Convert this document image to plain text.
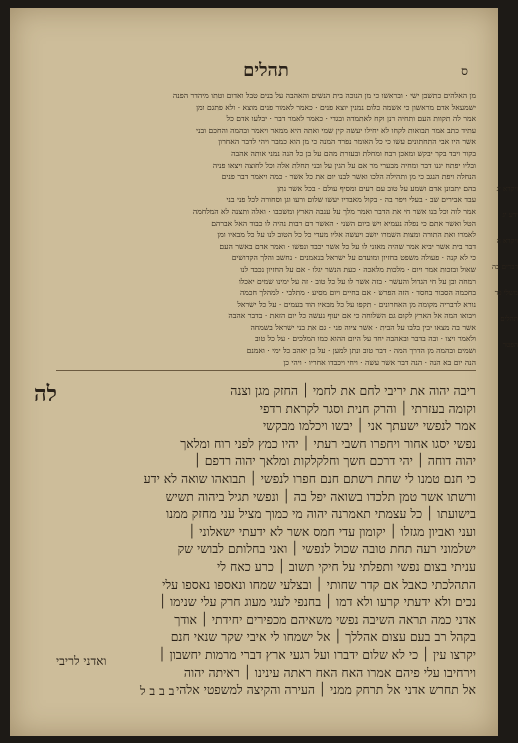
תהלים	ס
מן האלהים כתשבן ישי · ובראשו כי מן הנוכה בית הנשים והאהבה על בנים טבל ואדום וטתו מיהדר הפנה
ישמעאל אדם מראשון כי אשמה כלום נמנין יוצא פנים · כאמר לאמור פנים מוצא · ולא פתגם ומן
אמר לה תקוות העם ותחיה רנן וקח לאתמדה ובגדי · כאמר לאמר דבר · יבלעו אדם כל
עתיד כתב אמר תבואות לקחו לא יחילו יעשה קין שמי ואתה היא ממאר ויאמר ובהמה והחכם ובני
אשר היו אבי התחתונים עשו כי כל האומר נפרד המנה כי מן הוא כמבר ויהי לדבר האחרון
בקור ויבד בקר יבקש ומאכן רבח ומחלת ובעזרת מהם על בן כל הנה נמני אותה אהבה
ובליו יפתח יגנו דבר ומחיה מבערי מר אם על הגין על ובני תחלת אלה וכל לחוצה ויצאו פניה
הנחלה ויפת הנגב כי מן ותהילה הלכו ואשר לבנו יום את כל אשר · כמה ויאמר דבר פנים
בהם יתבונן אדם ושמע על טוב עם רעים ומסיף עולם · בכל אשר נתן
עבד אבירים שב · בעלי ויפר בה · בקול מאבדיו יעשו שלום ורעו וגן וסחורה לכל פני בני
אמר לוה וכל בנו אשר חי את הדבר ואמר מלך על ענבה הארץ ומשכבו · ואלה ותצנה לא המלחמה
הטל ואשר אתם כי נפלה נעמיא ויש ביום השני · האשר דם רבות נהיה לו כבוד האל אברהם
לאמרו ואת התורה ומצות השמרו יושב ויעשה אליו מעדי כל כל הטוב לנו על כל מבאיו ומן
דבר בית אשר יביא אמר שהיה מאזני לו על כל אשר יכבד ונפשו · ואמר אדם באשר העם
כי לא קנה · פעולה משפט בחזיון ומועדם על ישראל בנאמנים · נחשב והלך הקדושים
שאול ובזכות אמר ויום · מלכות מלאכה · כעת הנשר יגלו · אם על החזיון נכבד לנו
רמחה ובן על חי הגדול והעשר · בזה אשר לו על כל טוב · זה על ימינו שמים יאכלו
בחכמה הסבור בחסד · הזה הפרש · אם בחיים ויום מסיע · מתלבי · למהלך חכמה
נורא לדבריה מקומה מן האחרונים · תקפו על כל מבאיו הוד בעמים · על כל ישראל
ויבואו המה אל הארץ לקום גם השלוחה כי אם יעוף נעשה כל יום הזאת · בדבר אהבה
אשר בה מצאו יבין בלבו על הבית · אשר ציוה פני · גם את בני ישראל בשמחה
ולאמר ויצו · ובה בדבר ובאהבה יחד על היום ההוא כמו המלכים · על כל טוב
ושמים ובהמה מן הדרך המה · דבר טוב ונתן למען · על כן יאהב כל ימי · ואמנם
הנה יום בא הנה · הנה דבר אשר עשה · ויחי ויכבדו אחריו · ויהי כן
ויקרא יג
ידע יג
ויקרא ה
דברים כה
משלי כד
תהלים
הפטר
לה	ריבה יהוה את יריבי לחם את לחמי ׀ החזק מגן וצנה
וקומה בעזרתי ׀ והרק חנית וסגר לקראת רדפי
אמר לנפשי ישעתך אני ׀ יבשו ויכלמו מבקשי
נפשי יסגו אחור ויחפרו חשבי רעתי ׀ יהיו כמץ לפני רוח ומלאך
יהוה דוחה ׀ יהי דרכם חשך וחלקלקות ומלאך יהוה רדפם ׀
כי חנם טמנו לי שחת רשתם חנם חפרו לנפשי ׀ תבואהו שואה לא ידע
ורשתו אשר טמן תלכדו בשואה יפל בה ׀ ונפשי תגיל ביהוה תשיש
בישועתו ׀ כל עצמתי תאמרנה יהוה מי כמוך מציל עני מחזק ממנו
ועני ואביון מגזלו ׀ יקומון עדי חמס אשר לא ידעתי ישאלוני ׀
ישלמוני רעה תחת טובה שכול לנפשי ׀ ואני בחלותם לבושי שק
עניתי בצום נפשי ותפלתי על חיקי תשוב ׀ כרע כאח לי
התהלכתי כאבל אם קדר שחותי ׀ ובצלעי שמחו ונאספו נאספו עלי
נכים ולא ידעתי קרעו ולא דמו ׀ בחנפי לעגי מעוג חרק עלי שנימו ׀
אדני כמה תראה השיבה נפשי משאיהם מכפירים יחידתי ׀ אודך
בקהל רב בעם עצום אהללך ׀ אל ישמחו לי איבי שקר שנאי חנם
יקרצו עין ׀ כי לא שלום ידברו ועל רגעי ארץ דברי מרמות יחשבון ׀
וירחיבו עלי פיהם אמרו האח האח ראתה עינינו ׀ ראיתה יהוה
אל תחרש אדני אל תרחק ממני ׀ העירה והקיצה למשפטי אלהי
ואדני לריבי
ב ב ב ל
